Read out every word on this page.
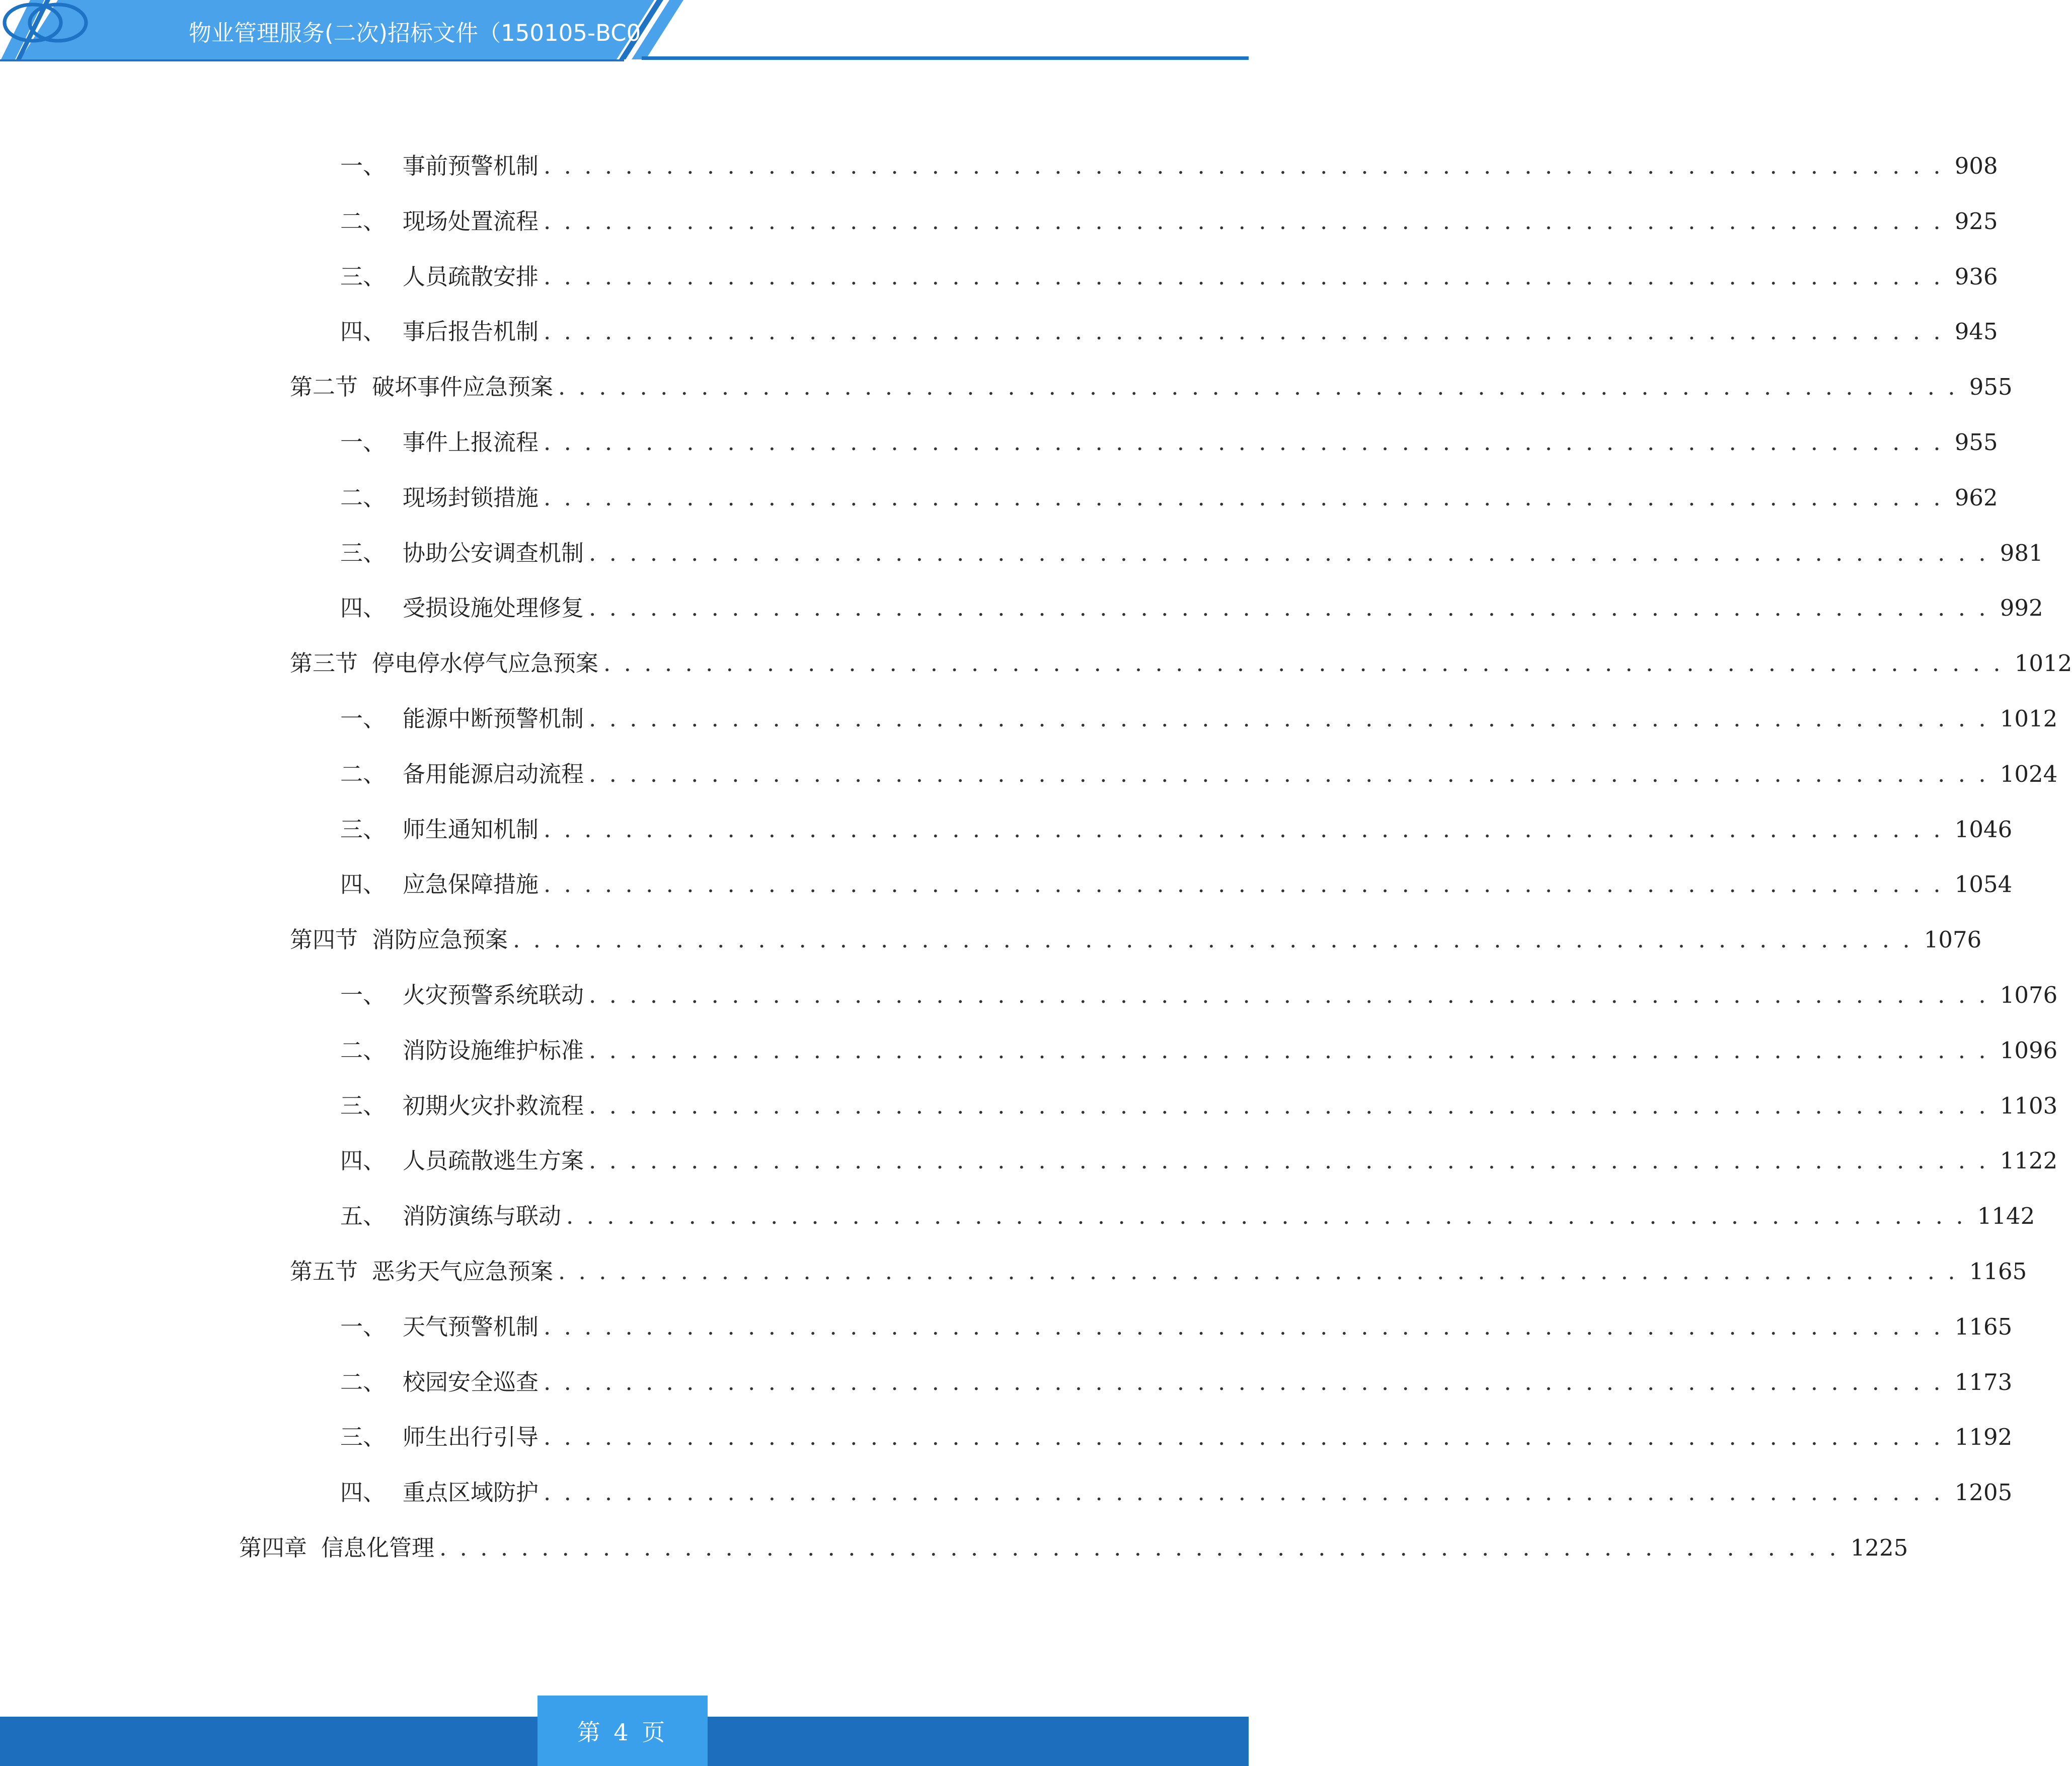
物业管理服务(二次)招标文件（150105-BC0
一、 事前预警机制 . . . . . . . . . . . . . . . . . . . . . . . . . . . . . . . . . . . . . . . . . . . . . . . . . . . . . . . . . . . . . . . . . . . . . 908
二、 现场处置流程 . . . . . . . . . . . . . . . . . . . . . . . . . . . . . . . . . . . . . . . . . . . . . . . . . . . . . . . . . . . . . . . . . . . . . 925
三、 人员疏散安排 . . . . . . . . . . . . . . . . . . . . . . . . . . . . . . . . . . . . . . . . . . . . . . . . . . . . . . . . . . . . . . . . . . . . . 936
四、 事后报告机制 . . . . . . . . . . . . . . . . . . . . . . . . . . . . . . . . . . . . . . . . . . . . . . . . . . . . . . . . . . . . . . . . . . . . . 945
第二节 破坏事件应急预案 . . . . . . . . . . . . . . . . . . . . . . . . . . . . . . . . . . . . . . . . . . . . . . . . . . . . . . . . . . . . . . . . . . . . . 955
一、 事件上报流程 . . . . . . . . . . . . . . . . . . . . . . . . . . . . . . . . . . . . . . . . . . . . . . . . . . . . . . . . . . . . . . . . . . . . . 955
二、 现场封锁措施 . . . . . . . . . . . . . . . . . . . . . . . . . . . . . . . . . . . . . . . . . . . . . . . . . . . . . . . . . . . . . . . . . . . . . 962
三、 协助公安调查机制 . . . . . . . . . . . . . . . . . . . . . . . . . . . . . . . . . . . . . . . . . . . . . . . . . . . . . . . . . . . . . . . . . . . . . 981
四、 受损设施处理修复 . . . . . . . . . . . . . . . . . . . . . . . . . . . . . . . . . . . . . . . . . . . . . . . . . . . . . . . . . . . . . . . . . . . . . 992
第三节 停电停水停气应急预案 . . . . . . . . . . . . . . . . . . . . . . . . . . . . . . . . . . . . . . . . . . . . . . . . . . . . . . . . . . . . . . . . . . . . . 1012
一、 能源中断预警机制 . . . . . . . . . . . . . . . . . . . . . . . . . . . . . . . . . . . . . . . . . . . . . . . . . . . . . . . . . . . . . . . . . . . . . 1012
二、 备用能源启动流程 . . . . . . . . . . . . . . . . . . . . . . . . . . . . . . . . . . . . . . . . . . . . . . . . . . . . . . . . . . . . . . . . . . . . . 1024
三、 师生通知机制 . . . . . . . . . . . . . . . . . . . . . . . . . . . . . . . . . . . . . . . . . . . . . . . . . . . . . . . . . . . . . . . . . . . . . 1046
四、 应急保障措施 . . . . . . . . . . . . . . . . . . . . . . . . . . . . . . . . . . . . . . . . . . . . . . . . . . . . . . . . . . . . . . . . . . . . . 1054
第四节 消防应急预案 . . . . . . . . . . . . . . . . . . . . . . . . . . . . . . . . . . . . . . . . . . . . . . . . . . . . . . . . . . . . . . . . . . . . . 1076
一、 火灾预警系统联动 . . . . . . . . . . . . . . . . . . . . . . . . . . . . . . . . . . . . . . . . . . . . . . . . . . . . . . . . . . . . . . . . . . . . . 1076
二、 消防设施维护标准 . . . . . . . . . . . . . . . . . . . . . . . . . . . . . . . . . . . . . . . . . . . . . . . . . . . . . . . . . . . . . . . . . . . . . 1096
三、 初期火灾扑救流程 . . . . . . . . . . . . . . . . . . . . . . . . . . . . . . . . . . . . . . . . . . . . . . . . . . . . . . . . . . . . . . . . . . . . . 1103
四、 人员疏散逃生方案 . . . . . . . . . . . . . . . . . . . . . . . . . . . . . . . . . . . . . . . . . . . . . . . . . . . . . . . . . . . . . . . . . . . . . 1122
五、 消防演练与联动 . . . . . . . . . . . . . . . . . . . . . . . . . . . . . . . . . . . . . . . . . . . . . . . . . . . . . . . . . . . . . . . . . . . . . 1142
第五节 恶劣天气应急预案 . . . . . . . . . . . . . . . . . . . . . . . . . . . . . . . . . . . . . . . . . . . . . . . . . . . . . . . . . . . . . . . . . . . . . 1165
一、 天气预警机制 . . . . . . . . . . . . . . . . . . . . . . . . . . . . . . . . . . . . . . . . . . . . . . . . . . . . . . . . . . . . . . . . . . . . . 1165
二、 校园安全巡查 . . . . . . . . . . . . . . . . . . . . . . . . . . . . . . . . . . . . . . . . . . . . . . . . . . . . . . . . . . . . . . . . . . . . . 1173
三、 师生出行引导 . . . . . . . . . . . . . . . . . . . . . . . . . . . . . . . . . . . . . . . . . . . . . . . . . . . . . . . . . . . . . . . . . . . . . 1192
四、 重点区域防护 . . . . . . . . . . . . . . . . . . . . . . . . . . . . . . . . . . . . . . . . . . . . . . . . . . . . . . . . . . . . . . . . . . . . . 1205
第四章 信息化管理 . . . . . . . . . . . . . . . . . . . . . . . . . . . . . . . . . . . . . . . . . . . . . . . . . . . . . . . . . . . . . . . . . . . . . 1225
第 4 页
